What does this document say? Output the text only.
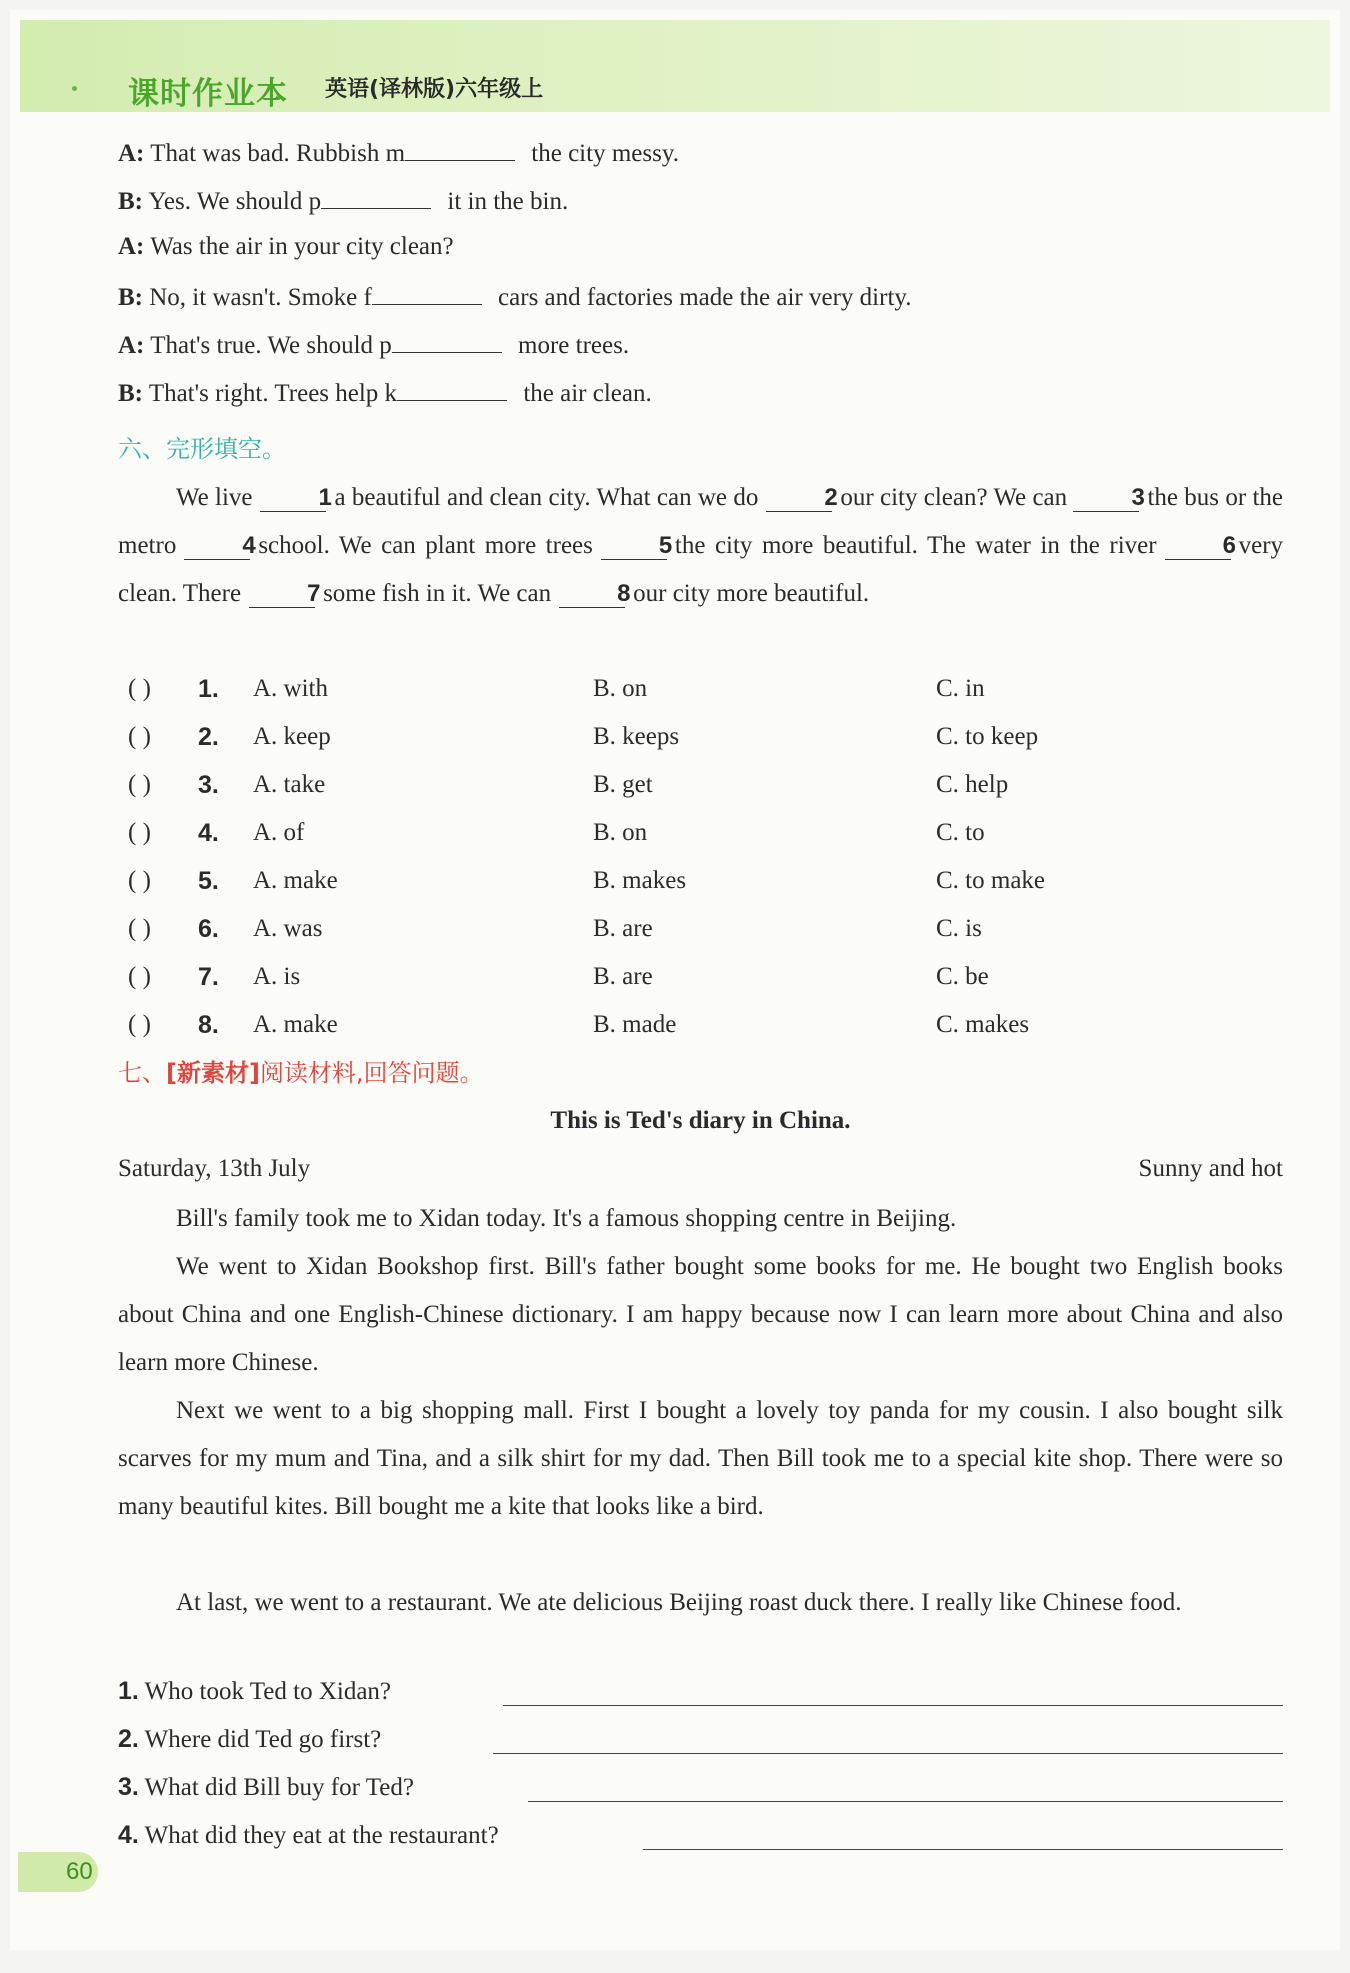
课时作业本 英语(译林版)六年级上
A: That was bad. Rubbish m	the city messy.
B: Yes. We should p	it in the bin.
A: Was the air in your city clean?
B: No, it wasn't. Smoke f	cars and factories made the air very dirty.
A: That's true. We should p	more trees.
B: That's right. Trees help k	the air clean.
六、完形填空。
We live	1 a beautiful and clean city. What can we do	2 our city clean? We can	3 the bus or the metro	4 school. We can plant more trees	5 the city more beautiful. The water in the river	6 very clean. There	7 some fish in it. We can	8 our city more beautiful.
( ) 1. A. with	B. on	C. in
( ) 2. A. keep	B. keeps	C. to keep
( ) 3. A. take	B. get	C. help
( ) 4. A. of	B. on	C. to
( ) 5. A. make	B. makes	C. to make
( ) 6. A. was	B. are	C. is
( ) 7. A. is	B. are	C. be
( ) 8. A. make	B. made	C. makes
七、[新素材]阅读材料,回答问题。
This is Ted's diary in China.
Saturday, 13th July	Sunny and hot
Bill's family took me to Xidan today. It's a famous shopping centre in Beijing.
We went to Xidan Bookshop first. Bill's father bought some books for me. He bought two English books about China and one English-Chinese dictionary. I am happy because now I can learn more about China and also learn more Chinese.
Next we went to a big shopping mall. First I bought a lovely toy panda for my cousin. I also bought silk scarves for my mum and Tina, and a silk shirt for my dad. Then Bill took me to a special kite shop. There were so many beautiful kites. Bill bought me a kite that looks like a bird.
At last, we went to a restaurant. We ate delicious Beijing roast duck there. I really like Chinese food.
1. Who took Ted to Xidan?
2. Where did Ted go first?
3. What did Bill buy for Ted?
4. What did they eat at the restaurant?
60
